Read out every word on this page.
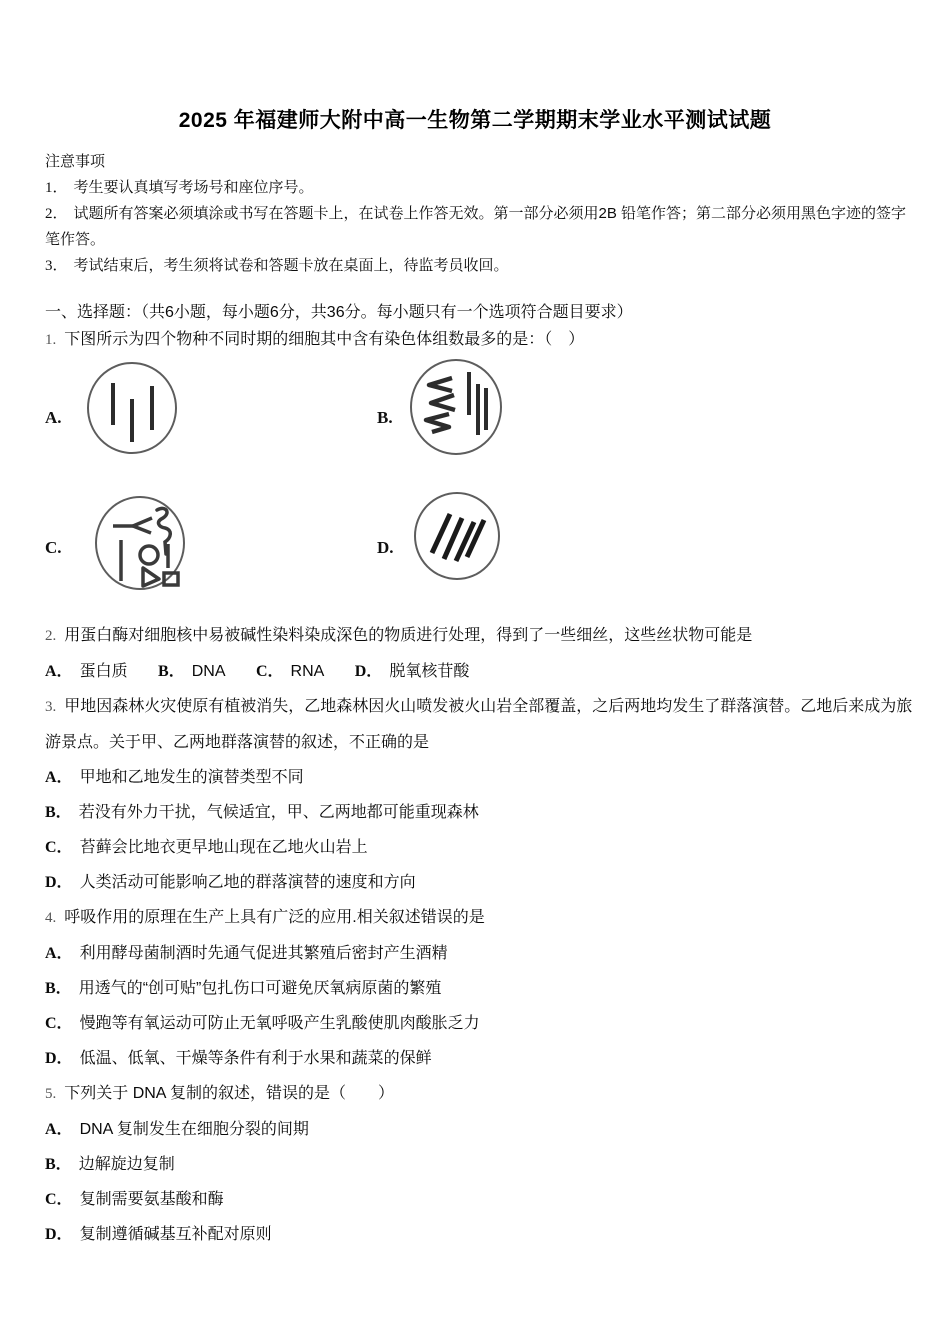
2025 年福建师大附中高一生物第二学期期末学业水平测试试题
注意事项
1． 考生要认真填写考场号和座位序号。
2． 试题所有答案必须填涂或书写在答题卡上，在试卷上作答无效。第一部分必须用2B 铅笔作答；第二部分必须用黑色字迹的签字笔作答。
3． 考试结束后，考生须将试卷和答题卡放在桌面上，待监考员收回。
一、选择题：（共6小题，每小题6分，共36分。每小题只有一个选项符合题目要求）
1. 下图所示为四个物种不同时期的细胞其中含有染色体组数最多的是：（　）
A.	B.
C.	D.
2. 用蛋白酶对细胞核中易被碱性染料染成深色的物质进行处理，得到了一些细丝，这些丝状物可能是
A． 蛋白质 B． DNA C． RNA D． 脱氧核苷酸
3. 甲地因森林火灾使原有植被消失，乙地森林因火山喷发被火山岩全部覆盖，之后两地均发生了群落演替。乙地后来成为旅游景点。关于甲、乙两地群落演替的叙述，不正确的是
A． 甲地和乙地发生的演替类型不同
B． 若没有外力干扰，气候适宜，甲、乙两地都可能重现森林
C． 苔藓会比地衣更早地山现在乙地火山岩上
D． 人类活动可能影响乙地的群落演替的速度和方向
4. 呼吸作用的原理在生产上具有广泛的应用.相关叙述错误的是
A． 利用酵母菌制酒时先通气促进其繁殖后密封产生酒精
B． 用透气的“创可贴”包扎伤口可避免厌氧病原菌的繁殖
C． 慢跑等有氧运动可防止无氧呼吸产生乳酸使肌肉酸胀乏力
D． 低温、低氧、干燥等条件有利于水果和蔬菜的保鲜
5. 下列关于 DNA 复制的叙述，错误的是（　　）
A． DNA 复制发生在细胞分裂的间期
B． 边解旋边复制
C． 复制需要氨基酸和酶
D． 复制遵循碱基互补配对原则
